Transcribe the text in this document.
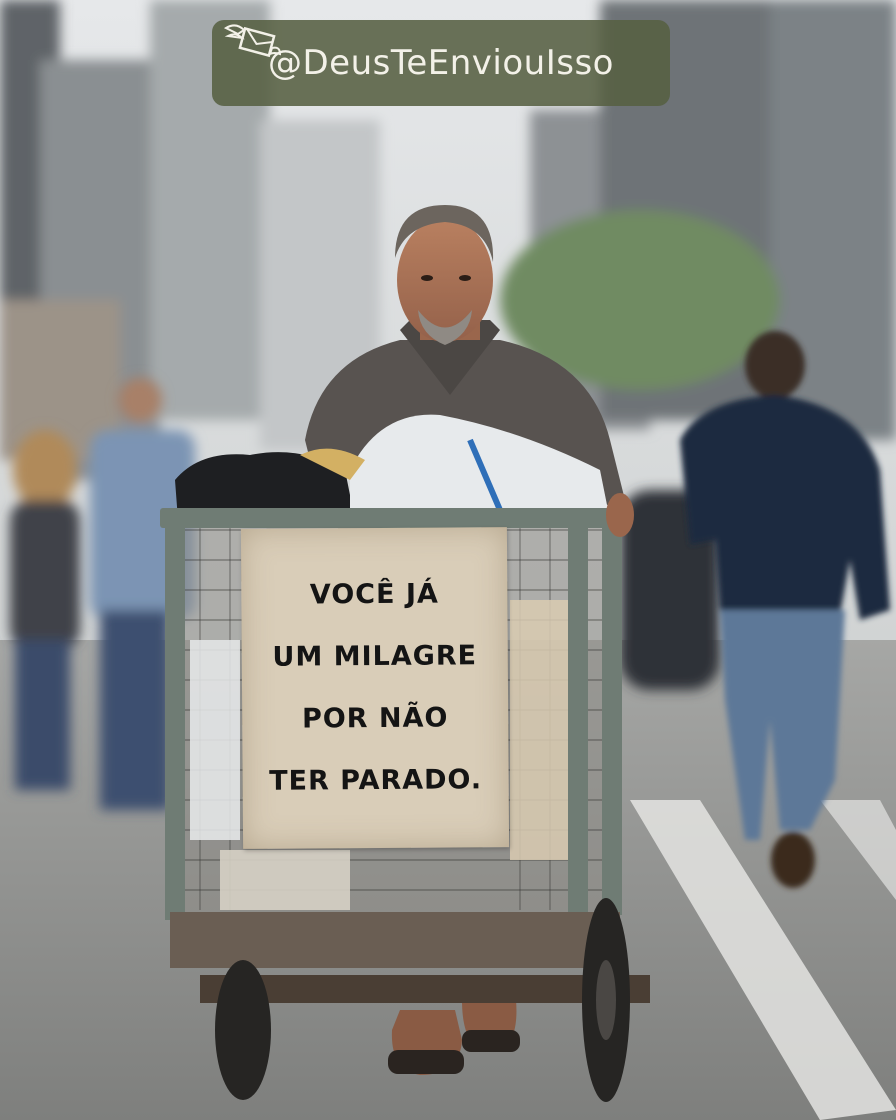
@DeusTeEnviouIsso
VOCÊ JÁ
UM MILAGRE
POR NÃO
TER PARADO.
